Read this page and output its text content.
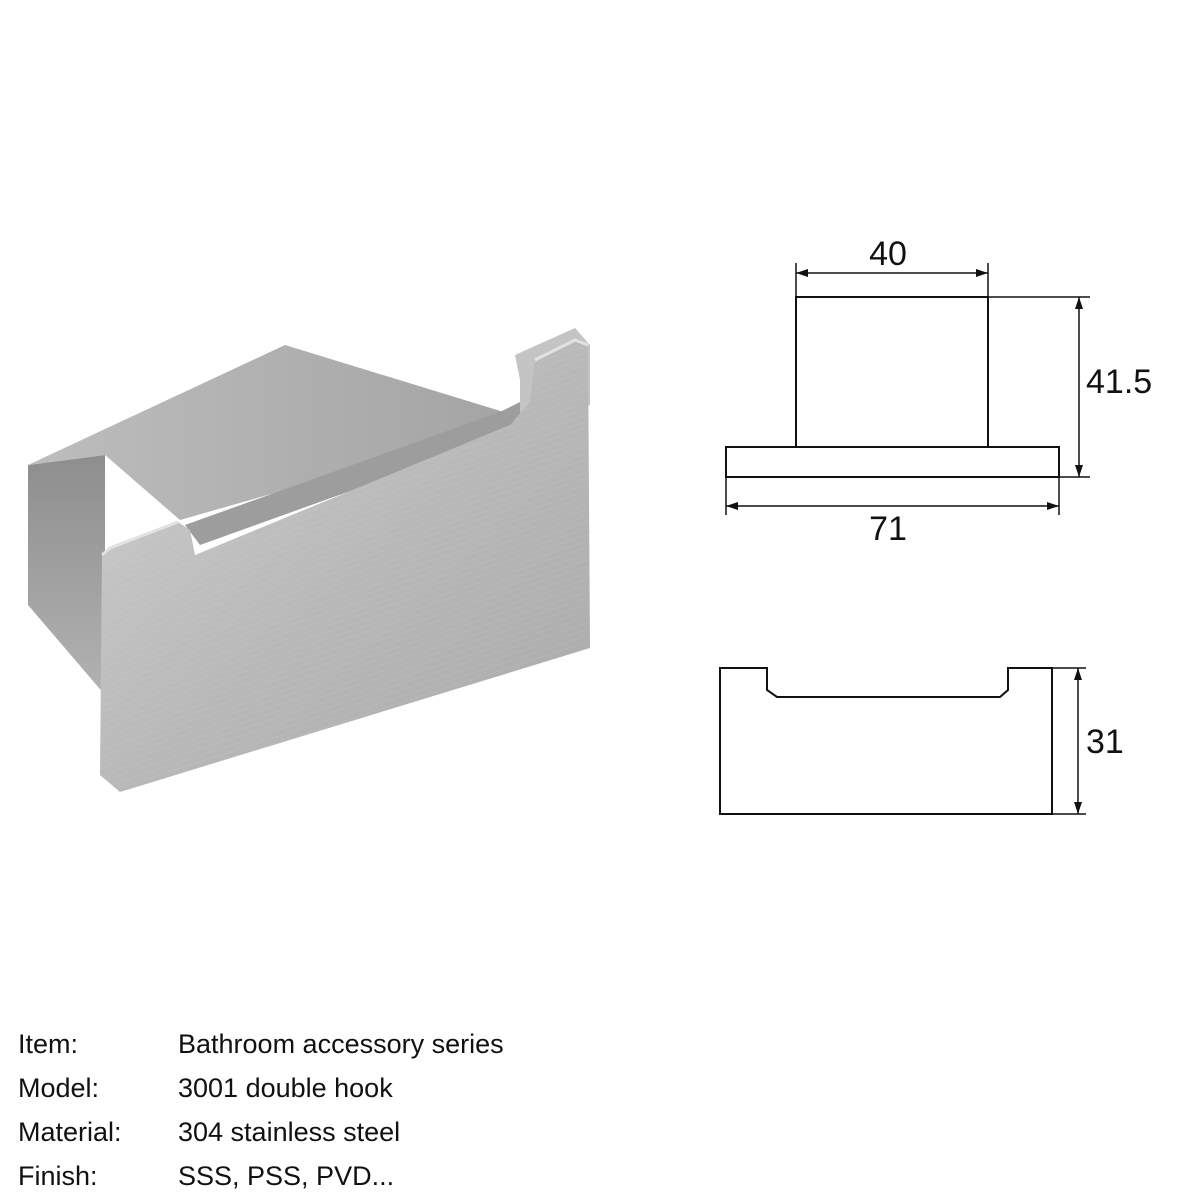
40
41.5
71
31
Item:	Bathroom accessory series
Model:	3001 double hook
Material:	304 stainless steel
Finish:	SSS, PSS, PVD...
